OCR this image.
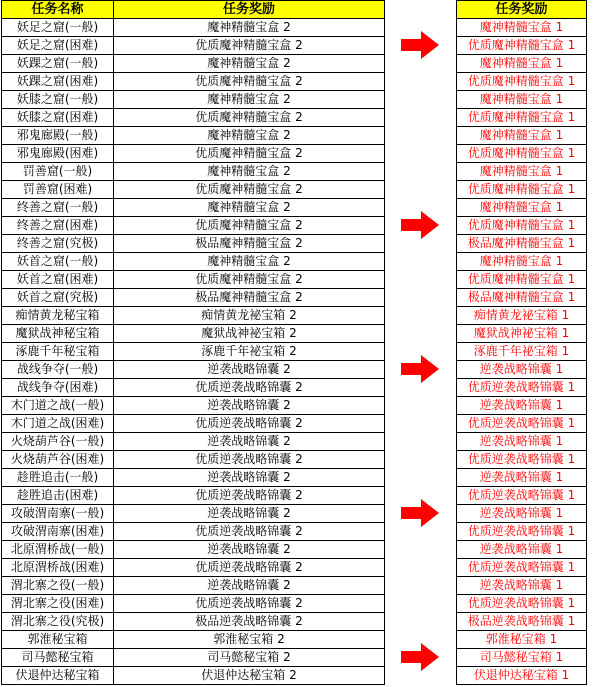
任务名称	任务奖励
妖足之窟(一般)	魔神精髓宝盒 2
妖足之窟(困难)	优质魔神精髓宝盒 2
妖踝之窟(一般)	魔神精髓宝盒 2
妖踝之窟(困难)	优质魔神精髓宝盒 2
妖膝之窟(一般)	魔神精髓宝盒 2
妖膝之窟(困难)	优质魔神精髓宝盒 2
邪鬼廊殿(一般)	魔神精髓宝盒 2
邪鬼廊殿(困难)	优质魔神精髓宝盒 2
罚善窟(一般)	魔神精髓宝盒 2
罚善窟(困难)	优质魔神精髓宝盒 2
终善之窟(一般)	魔神精髓宝盒 2
终善之窟(困难)	优质魔神精髓宝盒 2
终善之窟(究极)	极品魔神精髓宝盒 2
妖首之窟(一般)	魔神精髓宝盒 2
妖首之窟(困难)	优质魔神精髓宝盒 2
妖首之窟(究极)	极品魔神精髓宝盒 2
痴情黄龙秘宝箱	痴情黄龙袐宝箱 2
魔狱战神秘宝箱	魔狱战神袐宝箱 2
涿鹿千年秘宝箱	涿鹿千年袐宝箱 2
战线争夺(一般)	逆袭战略锦囊 2
战线争夺(困难)	优质逆袭战略锦囊 2
木门道之战(一般)	逆袭战略锦囊 2
木门道之战(困难)	优质逆袭战略锦囊 2
火烧葫芦谷(一般)	逆袭战略锦囊 2
火烧葫芦谷(困难)	优质逆袭战略锦囊 2
趁胜追击(一般)	逆袭战略锦囊 2
趁胜追击(困难)	优质逆袭战略锦囊 2
攻破渭南寨(一般)	逆袭战略锦囊 2
攻破渭南寨(困难)	优质逆袭战略锦囊 2
北原渭桥战(一般)	逆袭战略锦囊 2
北原渭桥战(困难)	优质逆袭战略锦囊 2
渭北寨之役(一般)	逆袭战略锦囊 2
渭北寨之役(困难)	优质逆袭战略锦囊 2
渭北寨之役(究极)	极品逆袭战略锦囊 2
郭淮秘宝箱	郭淮秘宝箱 2
司马懿秘宝箱	司马懿秘宝箱 2
伏退仲达秘宝箱	伏退仲达秘宝箱 2
任务奖励
魔神精髓宝盒 1
优质魔神精髓宝盒 1
魔神精髓宝盒 1
优质魔神精髓宝盒 1
魔神精髓宝盒 1
优质魔神精髓宝盒 1
魔神精髓宝盒 1
优质魔神精髓宝盒 1
魔神精髓宝盒 1
优质魔神精髓宝盒 1
魔神精髓宝盒 1
优质魔神精髓宝盒 1
极品魔神精髓宝盒 1
魔神精髓宝盒 1
优质魔神精髓宝盒 1
极品魔神精髓宝盒 1
痴情黄龙袐宝箱 1
魔狱战神袐宝箱 1
涿鹿千年袐宝箱 1
逆袭战略锦囊 1
优质逆袭战略锦囊 1
逆袭战略锦囊 1
优质逆袭战略锦囊 1
逆袭战略锦囊 1
优质逆袭战略锦囊 1
逆袭战略锦囊 1
优质逆袭战略锦囊 1
逆袭战略锦囊 1
优质逆袭战略锦囊 1
逆袭战略锦囊 1
优质逆袭战略锦囊 1
逆袭战略锦囊 1
优质逆袭战略锦囊 1
极品逆袭战略锦囊 1
郭淮秘宝箱 1
司马懿秘宝箱 1
伏退仲达秘宝箱 1
